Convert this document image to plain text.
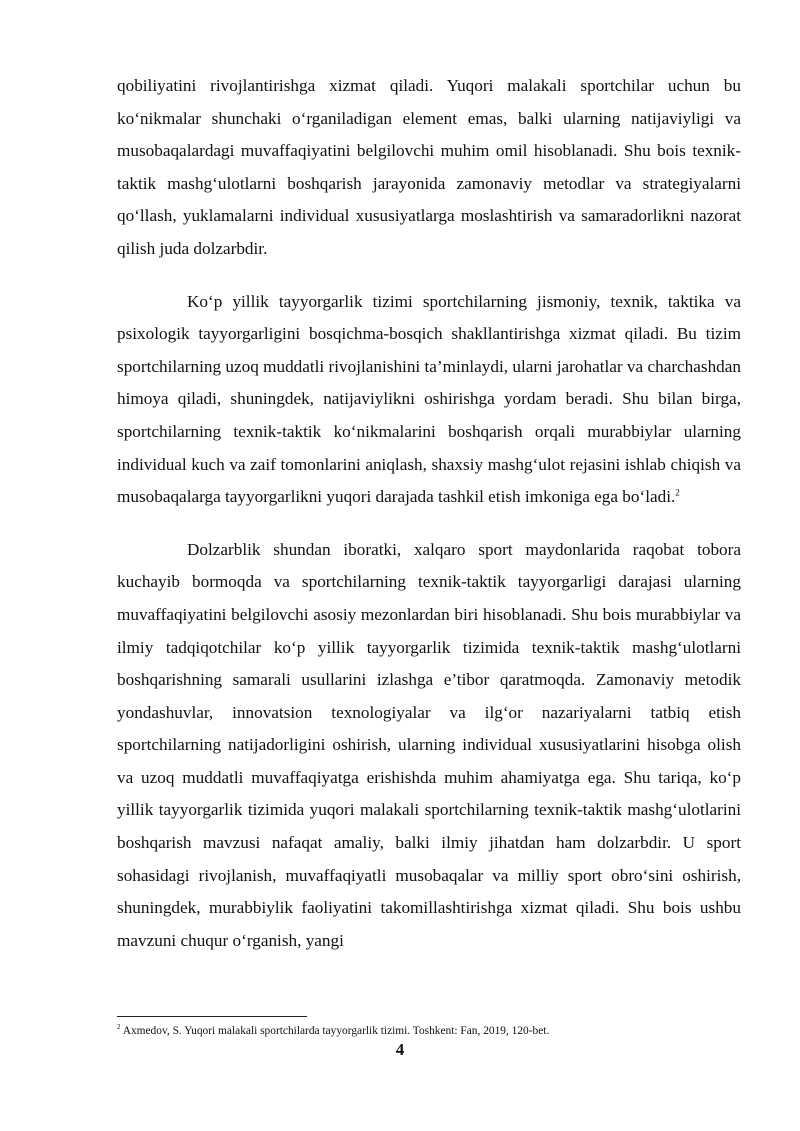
qobiliyatini rivojlantirishga xizmat qiladi. Yuqori malakali sportchilar uchun bu ko‘nikmalar shunchaki o‘rganiladigan element emas, balki ularning natijaviyligi va musobaqalardagi muvaffaqiyatini belgilovchi muhim omil hisoblanadi. Shu bois texnik-taktik mashg‘ulotlarni boshqarish jarayonida zamonaviy metodlar va strategiyalarni qo‘llash, yuklamalarni individual xususiyatlarga moslashtirish va samaradorlikni nazorat qilish juda dolzarbdir.

Ko‘p yillik tayyorgarlik tizimi sportchilarning jismoniy, texnik, taktika va psixologik tayyorgarligini bosqichma-bosqich shakllantirishga xizmat qiladi. Bu tizim sportchilarning uzoq muddatli rivojlanishini ta’minlaydi, ularni jarohatlar va charchashdan himoya qiladi, shuningdek, natijaviylikni oshirishga yordam beradi. Shu bilan birga, sportchilarning texnik-taktik ko‘nikmalarini boshqarish orqali murabbiylar ularning individual kuch va zaif tomonlarini aniqlash, shaxsiy mashg‘ulot rejasini ishlab chiqish va musobaqalarga tayyorgarlikni yuqori darajada tashkil etish imkoniga ega bo‘ladi.$^2$

Dolzarblik shundan iboratki, xalqaro sport maydonlarida raqobat tobora kuchayib bormoqda va sportchilarning texnik-taktik tayyorgarligi darajasi ularning muvaffaqiyatini belgilovchi asosiy mezonlardan biri hisoblanadi. Shu bois murabbiylar va ilmiy tadqiqotchilar ko‘p yillik tayyorgarlik tizimida texnik-taktik mashg‘ulotlarni boshqarishning samarali usullarini izlashga e’tibor qaratmoqda. Zamonaviy metodik yondashuvlar, innovatsion texnologiyalar va ilg‘or nazariyalarni tatbiq etish sportchilarning natijadorligini oshirish, ularning individual xususiyatlarini hisobga olish va uzoq muddatli muvaffaqiyatga erishishda muhim ahamiyatga ega. Shu tariqa, ko‘p yillik tayyorgarlik tizimida yuqori malakali sportchilarning texnik-taktik mashg‘ulotlarini boshqarish mavzusi nafaqat amaliy, balki ilmiy jihatdan ham dolzarbdir. U sport sohasidagi rivojlanish, muvaffaqiyatli musobaqalar va milliy sport obro‘sini oshirish, shuningdek, murabbiylik faoliyatini takomillashtirishga xizmat qiladi. Shu bois ushbu mavzuni chuqur o‘rganish, yangi

$^2$ Axmedov, S. Yuqori malakali sportchilarda tayyorgarlik tizimi. Toshkent: Fan, 2019, 120-bet.
4
